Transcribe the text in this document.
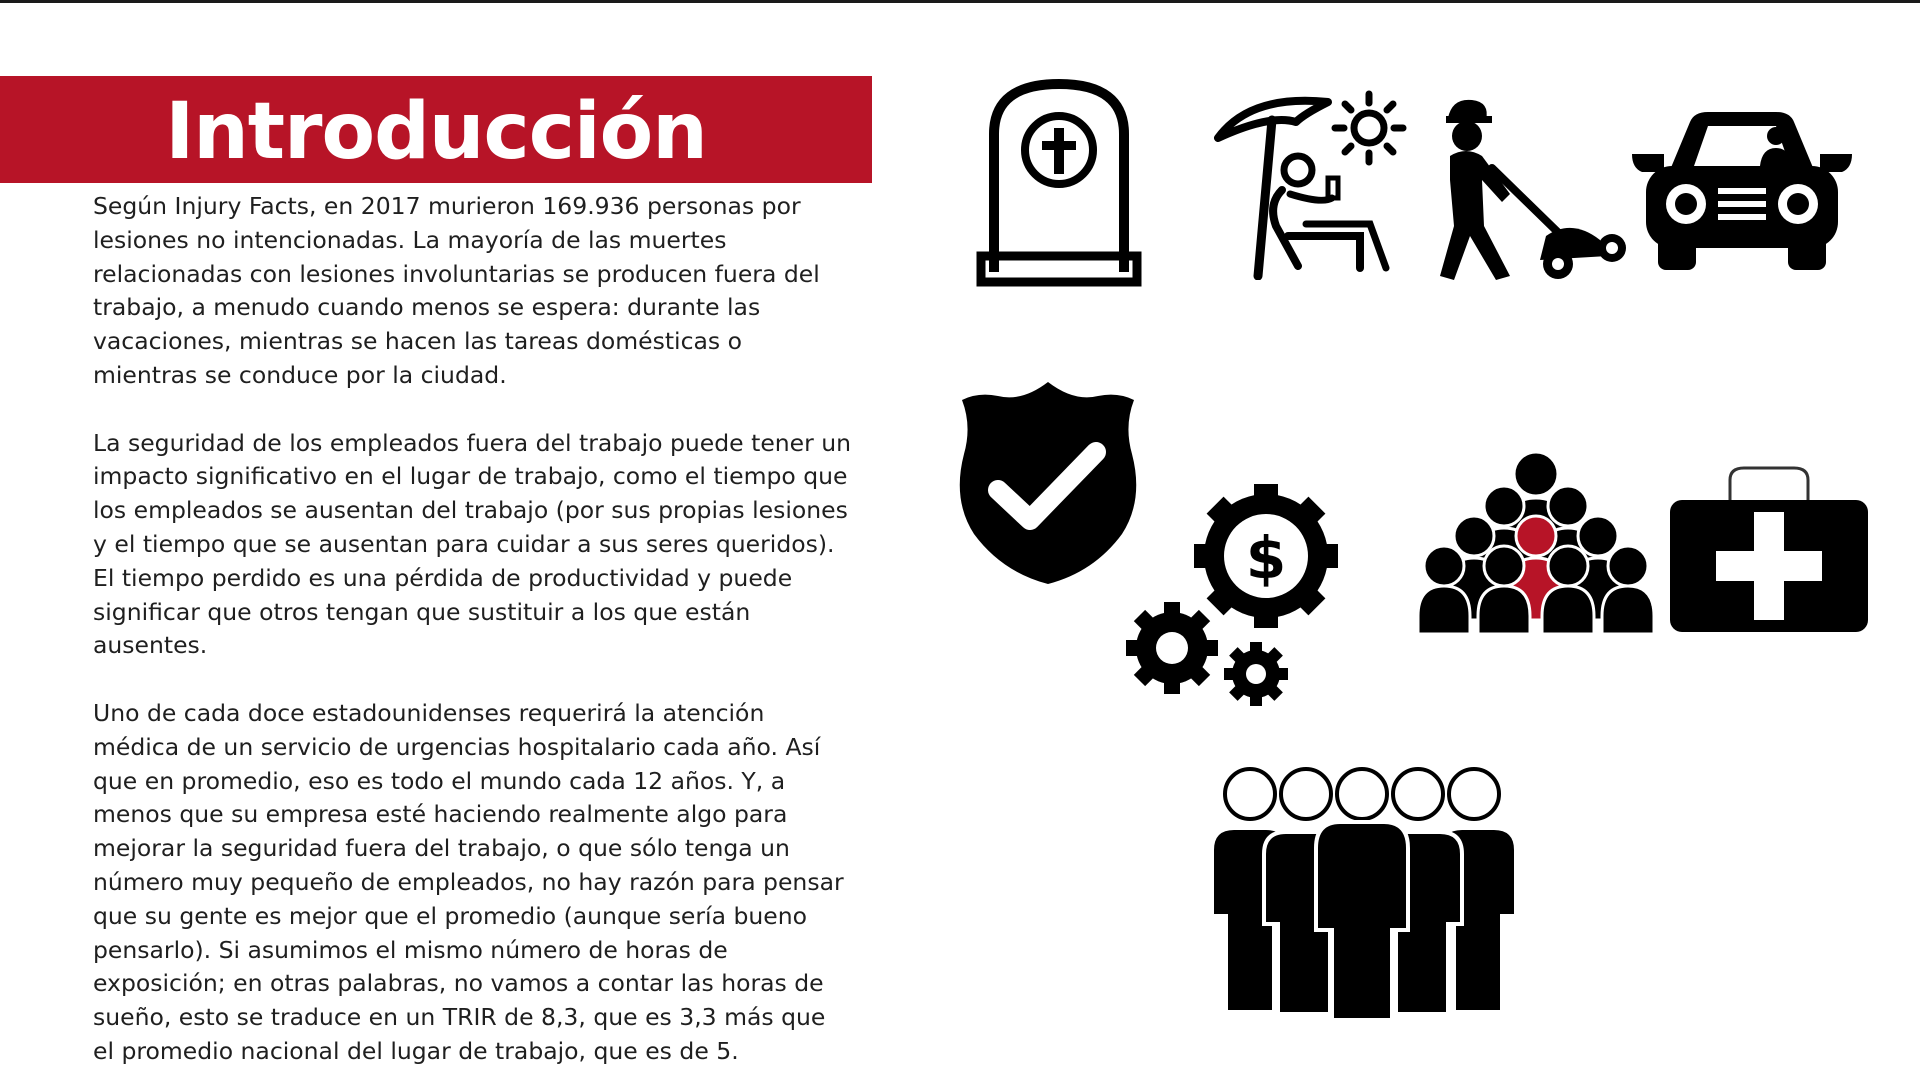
Introducción

Según Injury Facts, en 2017 murieron 169.936 personas por lesiones no intencionadas. La mayoría de las muertes relacionadas con lesiones involuntarias se producen fuera del trabajo, a menudo cuando menos se espera: durante las vacaciones, mientras se hacen las tareas domésticas o mientras se conduce por la ciudad.

La seguridad de los empleados fuera del trabajo puede tener un impacto significativo en el lugar de trabajo, como el tiempo que los empleados se ausentan del trabajo (por sus propias lesiones y el tiempo que se ausentan para cuidar a sus seres queridos). El tiempo perdido es una pérdida de productividad y puede significar que otros tengan que sustituir a los que están ausentes.

Uno de cada doce estadounidenses requerirá la atención médica de un servicio de urgencias hospitalario cada año. Así que en promedio, eso es todo el mundo cada 12 años. Y, a menos que su empresa esté haciendo realmente algo para mejorar la seguridad fuera del trabajo, o que sólo tenga un número muy pequeño de empleados, no hay razón para pensar que su gente es mejor que el promedio (aunque sería bueno pensarlo). Si asumimos el mismo número de horas de exposición; en otras palabras, no vamos a contar las horas de sueño, esto se traduce en un TRIR de 8,3, que es 3,3 más que el promedio nacional del lugar de trabajo, que es de 5.

$
